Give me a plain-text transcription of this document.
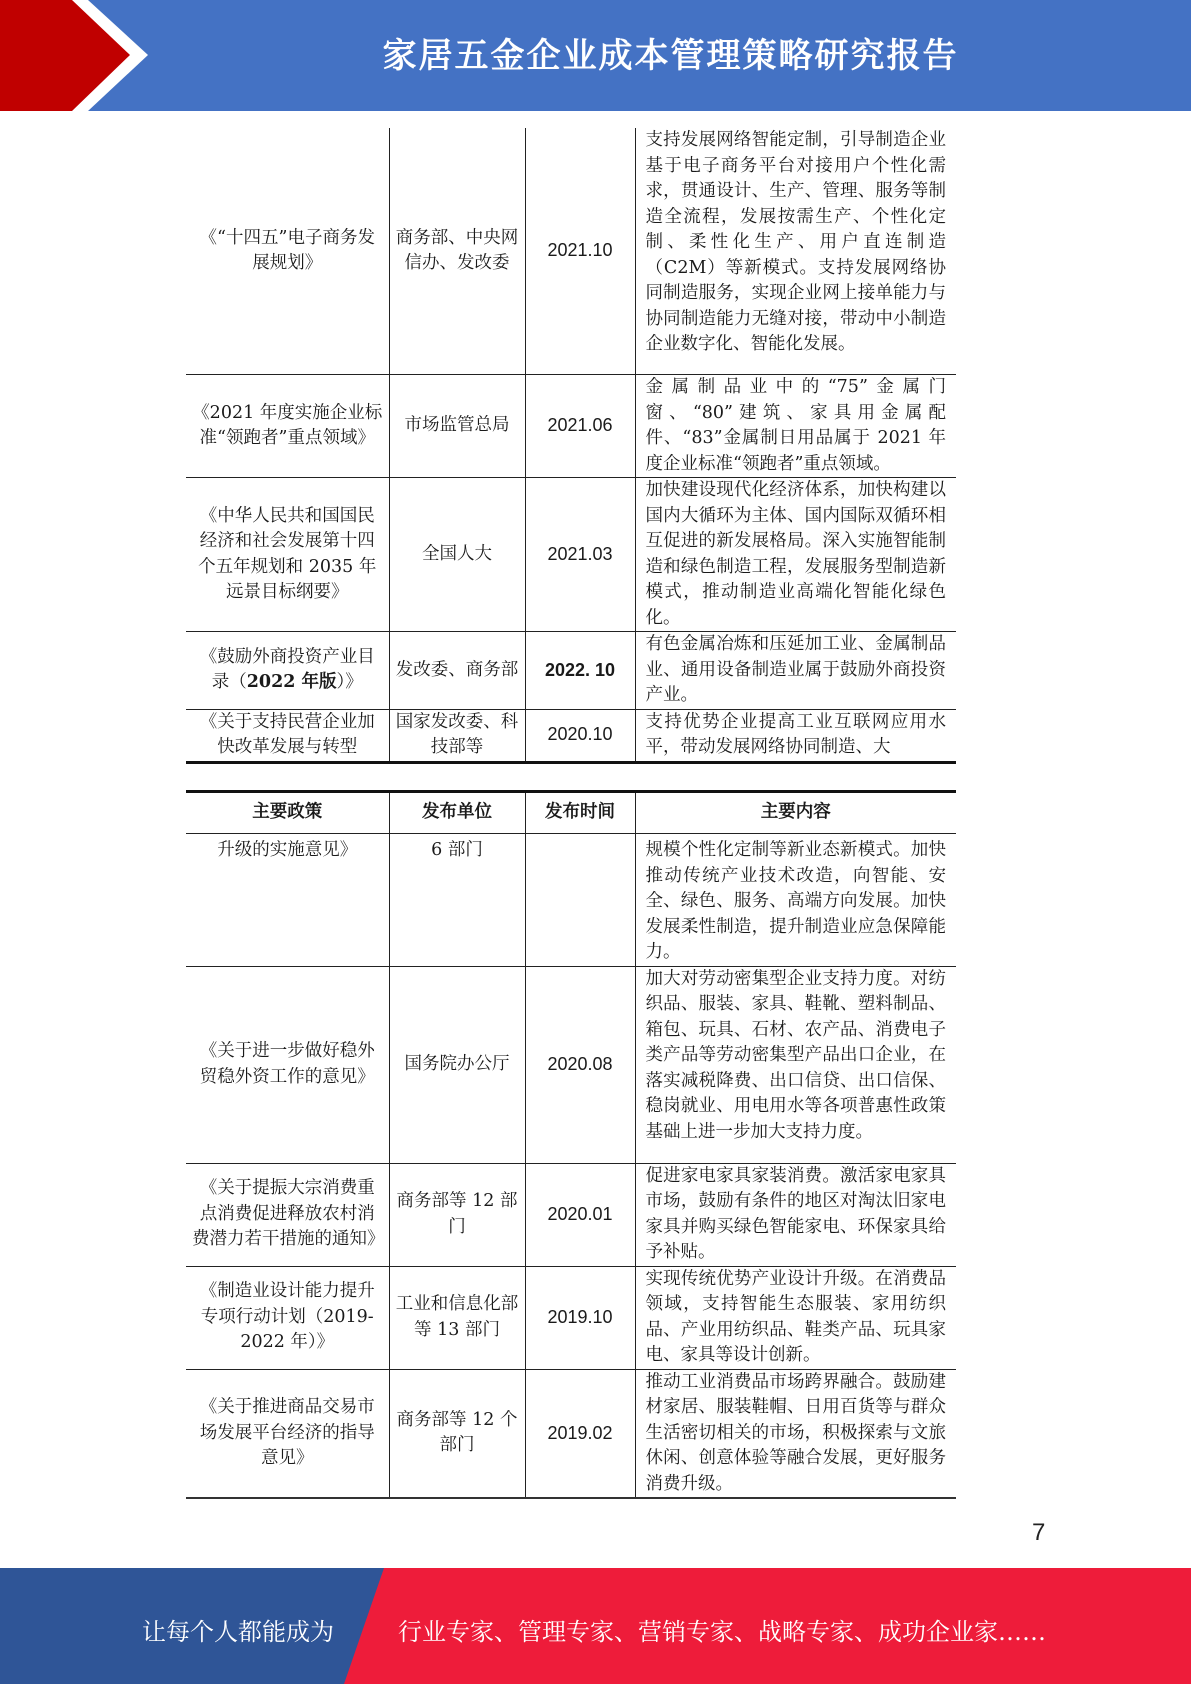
家居五金企业成本管理策略研究报告
《“十四五”电子商务发展规划》	商务部、中央网信办、发改委	2021.10	支持发展网络智能定制，引导制造企业基于电子商务平台对接用户个性化需求，贯通设计、生产、管理、服务等制造全流程，发展按需生产、个性化定制、柔性化生产、用户直连制造（C2M）等新模式。支持发展网络协同制造服务，实现企业网上接单能力与协同制造能力无缝对接，带动中小制造企业数字化、智能化发展。
《2021 年度实施企业标准“领跑者”重点领域》	市场监管总局	2021.06	金属制品业中的“75”金属门窗、“80”建筑、家具用金属配件、“83”金属制日用品属于 2021 年度企业标准“领跑者”重点领域。
《中华人民共和国国民经济和社会发展第十四个五年规划和 2035 年远景目标纲要》	全国人大	2021.03	加快建设现代化经济体系，加快构建以国内大循环为主体、国内国际双循环相互促进的新发展格局。深入实施智能制造和绿色制造工程，发展服务型制造新模式，推动制造业高端化智能化绿色化。
《鼓励外商投资产业目录（2022 年版）》	发改委、商务部	2022. 10	有色金属冶炼和压延加工业、金属制品业、通用设备制造业属于鼓励外商投资产业。
《关于支持民营企业加快改革发展与转型	国家发改委、科技部等	2020.10	支持优势企业提高工业互联网应用水平，带动发展网络协同制造、大
主要政策	发布单位	发布时间	主要内容
升级的实施意见》	6 部门		规模个性化定制等新业态新模式。加快推动传统产业技术改造，向智能、安全、绿色、服务、高端方向发展。加快发展柔性制造，提升制造业应急保障能力。
《关于进一步做好稳外贸稳外资工作的意见》	国务院办公厅	2020.08	加大对劳动密集型企业支持力度。对纺织品、服装、家具、鞋靴、塑料制品、箱包、玩具、石材、农产品、消费电子类产品等劳动密集型产品出口企业，在落实减税降费、出口信贷、出口信保、稳岗就业、用电用水等各项普惠性政策基础上进一步加大支持力度。
《关于提振大宗消费重点消费促进释放农村消费潜力若干措施的通知》	商务部等 12 部门	2020.01	促进家电家具家装消费。激活家电家具市场，鼓励有条件的地区对淘汰旧家电家具并购买绿色智能家电、环保家具给予补贴。
《制造业设计能力提升专项行动计划（2019-2022 年）》	工业和信息化部等 13 部门	2019.10	实现传统优势产业设计升级。在消费品领域，支持智能生态服装、家用纺织品、产业用纺织品、鞋类产品、玩具家电、家具等设计创新。
《关于推进商品交易市场发展平台经济的指导意见》	商务部等 12 个部门	2019.02	推动工业消费品市场跨界融合。鼓励建材家居、服装鞋帽、日用百货等与群众生活密切相关的市场，积极探索与文旅休闲、创意体验等融合发展，更好服务消费升级。
7
让每个人都能成为	行业专家、管理专家、营销专家、战略专家、成功企业家……
